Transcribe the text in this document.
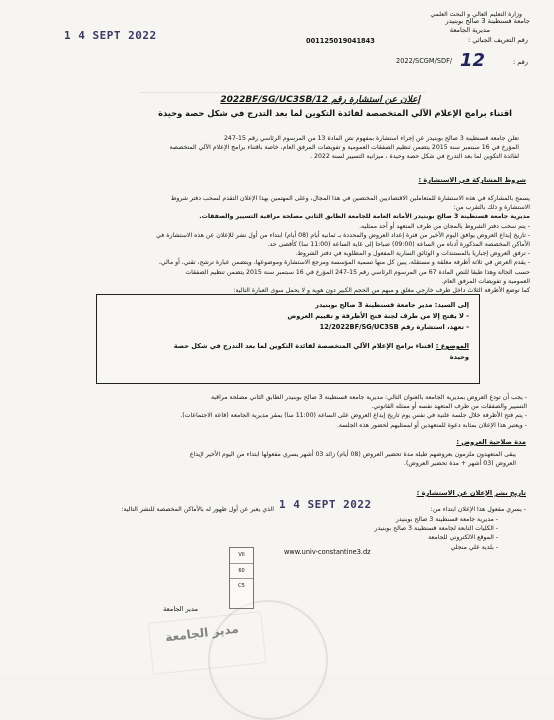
وزارة التعليم العالي و البحث العلمي
جامعة قسنطينة 3 صالح بوبنيدر
مديرية الجامعة
رقم التعريف الجبائي :
001125019041843
رقم :
2022/SCGM/SDF/ 12
1 4 SEPT 2022
إعلان عن استشارة رقم 2022BF/SG/UC3SB/12
اقتناء برامج الإعلام الآلي المتخصصة لفائدة التكوين لما بعد التدرج في شكل حصة وحيدة
تعلن جامعة قسنطينة 3 صالح بوبنيدر عن إجراء استشارة بمفهوم نص المادة 13 من المرسوم الرئاسي رقم 15-247
المؤرخ في 16 سبتمبر سنة 2015 يتضمن تنظيم الصفقات العمومية و تفويضات المرفق العام، خاصة باقتناء برامج الإعلام الآلي المتخصصة
لفائدة التكوين لما بعد التدرج في شكل حصة وحيدة ، ميزانية التسيير لسنة 2022 .
شروط المشاركة في الاستشارة :
يسمح بالمشاركة في هذه الاستشارة للمتعاملين الاقتصاديين المختصين في هذا المجال، وعلى المهتمين بهذا الإعلان التقدم لسحب دفتر شروط
الاستشارة و ذلك بالتقرب من:
مديرية جامعة قسنطينة 3 صالح بوبنيدر الأمانة العامة للجامعة الطابق الثاني مصلحة مراقبة التسيير والصفقات.
- يتم سحب دفتر الشروط بالمجان من طرف المتعهد أو أحد ممثليه.
- تاريخ إيداع العروض يوافق اليوم الأخير من فترة إعداد العروض والمحددة بـ ثمانية أيام (08 أيام) ابتداء من أول نشر للإعلان عن هذه الاستشارة في
الأماكن المخصصة المذكورة أدناه من الساعة (09:00) صباحا إلى غاية الساعة (11:00 سا) كأقصى حد.
- ترفق العروض إجباريا بالمستندات و الوثائق السارية المفعول و المطلوبة في دفتر الشروط.
- يقدم العرض في ثلاثة أظرفة مغلقة و مستقلة، يبين كل منها تسمية المؤسسة ومرجع الاستشارة وموضوعها، ويتضمن عبارة ترشح، تقني، أو مالي،
حسب الحالة وهذا طبقا للنص المادة 67 من المرسوم الرئاسي رقم 15-247 المؤرخ في 16 سبتمبر سنة 2015 يتضمن تنظيم الصفقات
العمومية و تفويضات المرفق العام.
كما توضع الأظرفة الثلاث داخل ظرف خارجي مغلق و مبهم من الحجم الكبير دون هوية و لا يحمل سوى العبارة التالية:
إلى السيد: مدير جامعة قسنطينة 3 صالح بوبنيدر
- لا يفتح إلا من طرف لجنة فتح الأظرفة و تقييم العروض
- تعهد، استشارة رقم 12/2022BF/SG/UC3SB
الموضوع : اقتناء برامج الإعلام الآلي المتخصصة لفائدة التكوين لما بعد التدرج في شكل حصة
وحيدة
- يجب أن تودع العروض بمديرية الجامعة بالعنوان التالي: مديرية جامعة قسنطينة 3 صالح بوبنيدر الطابق الثاني مصلحة مراقبة
التسيير والصفقات من طرف المتعهد نفسه أو ممثله القانوني.
- يتم فتح الأظرفة خلال جلسة علنية في نفس يوم تاريخ إيداع العروض على الساعة (11:00 سا) بمقر مديرية الجامعة (قاعة الاجتماعات).
- ويعتبر هذا الإعلان بمثابة دعوة للمتعهدين أو لممثليهم لحضور هذه الجلسة.
مدة صلاحية العروض :
يبقى المتعهدون ملزمون بعروضهم طيلة مدة تحضير العروض (08 أيام) زائد 03 أشهر يسري مفعولها ابتداء من اليوم الأخير لإيداع
العروض (03 أشهر + مدة تحضير العروض).
تاريخ نشر الإعلان عن الاستشارة :
- يسري مفعول هذا الإعلان ابتداء من:
1 4 SEPT 2022
الذي يعبر عن أول ظهور له بالأماكن المخصصة للنشر التالية:
- مديرية جامعة قسنطينة 3 صالح بوبنيدر
- الكليات التابعة لجامعة قسنطينة 3 صالح بوبنيدر
- الموقع الالكتروني للجامعة
- بلدية علي منجلي
www.univ-constantine3.dz
VII
60
C5
مدير الجامعة
مدير الجامعة
